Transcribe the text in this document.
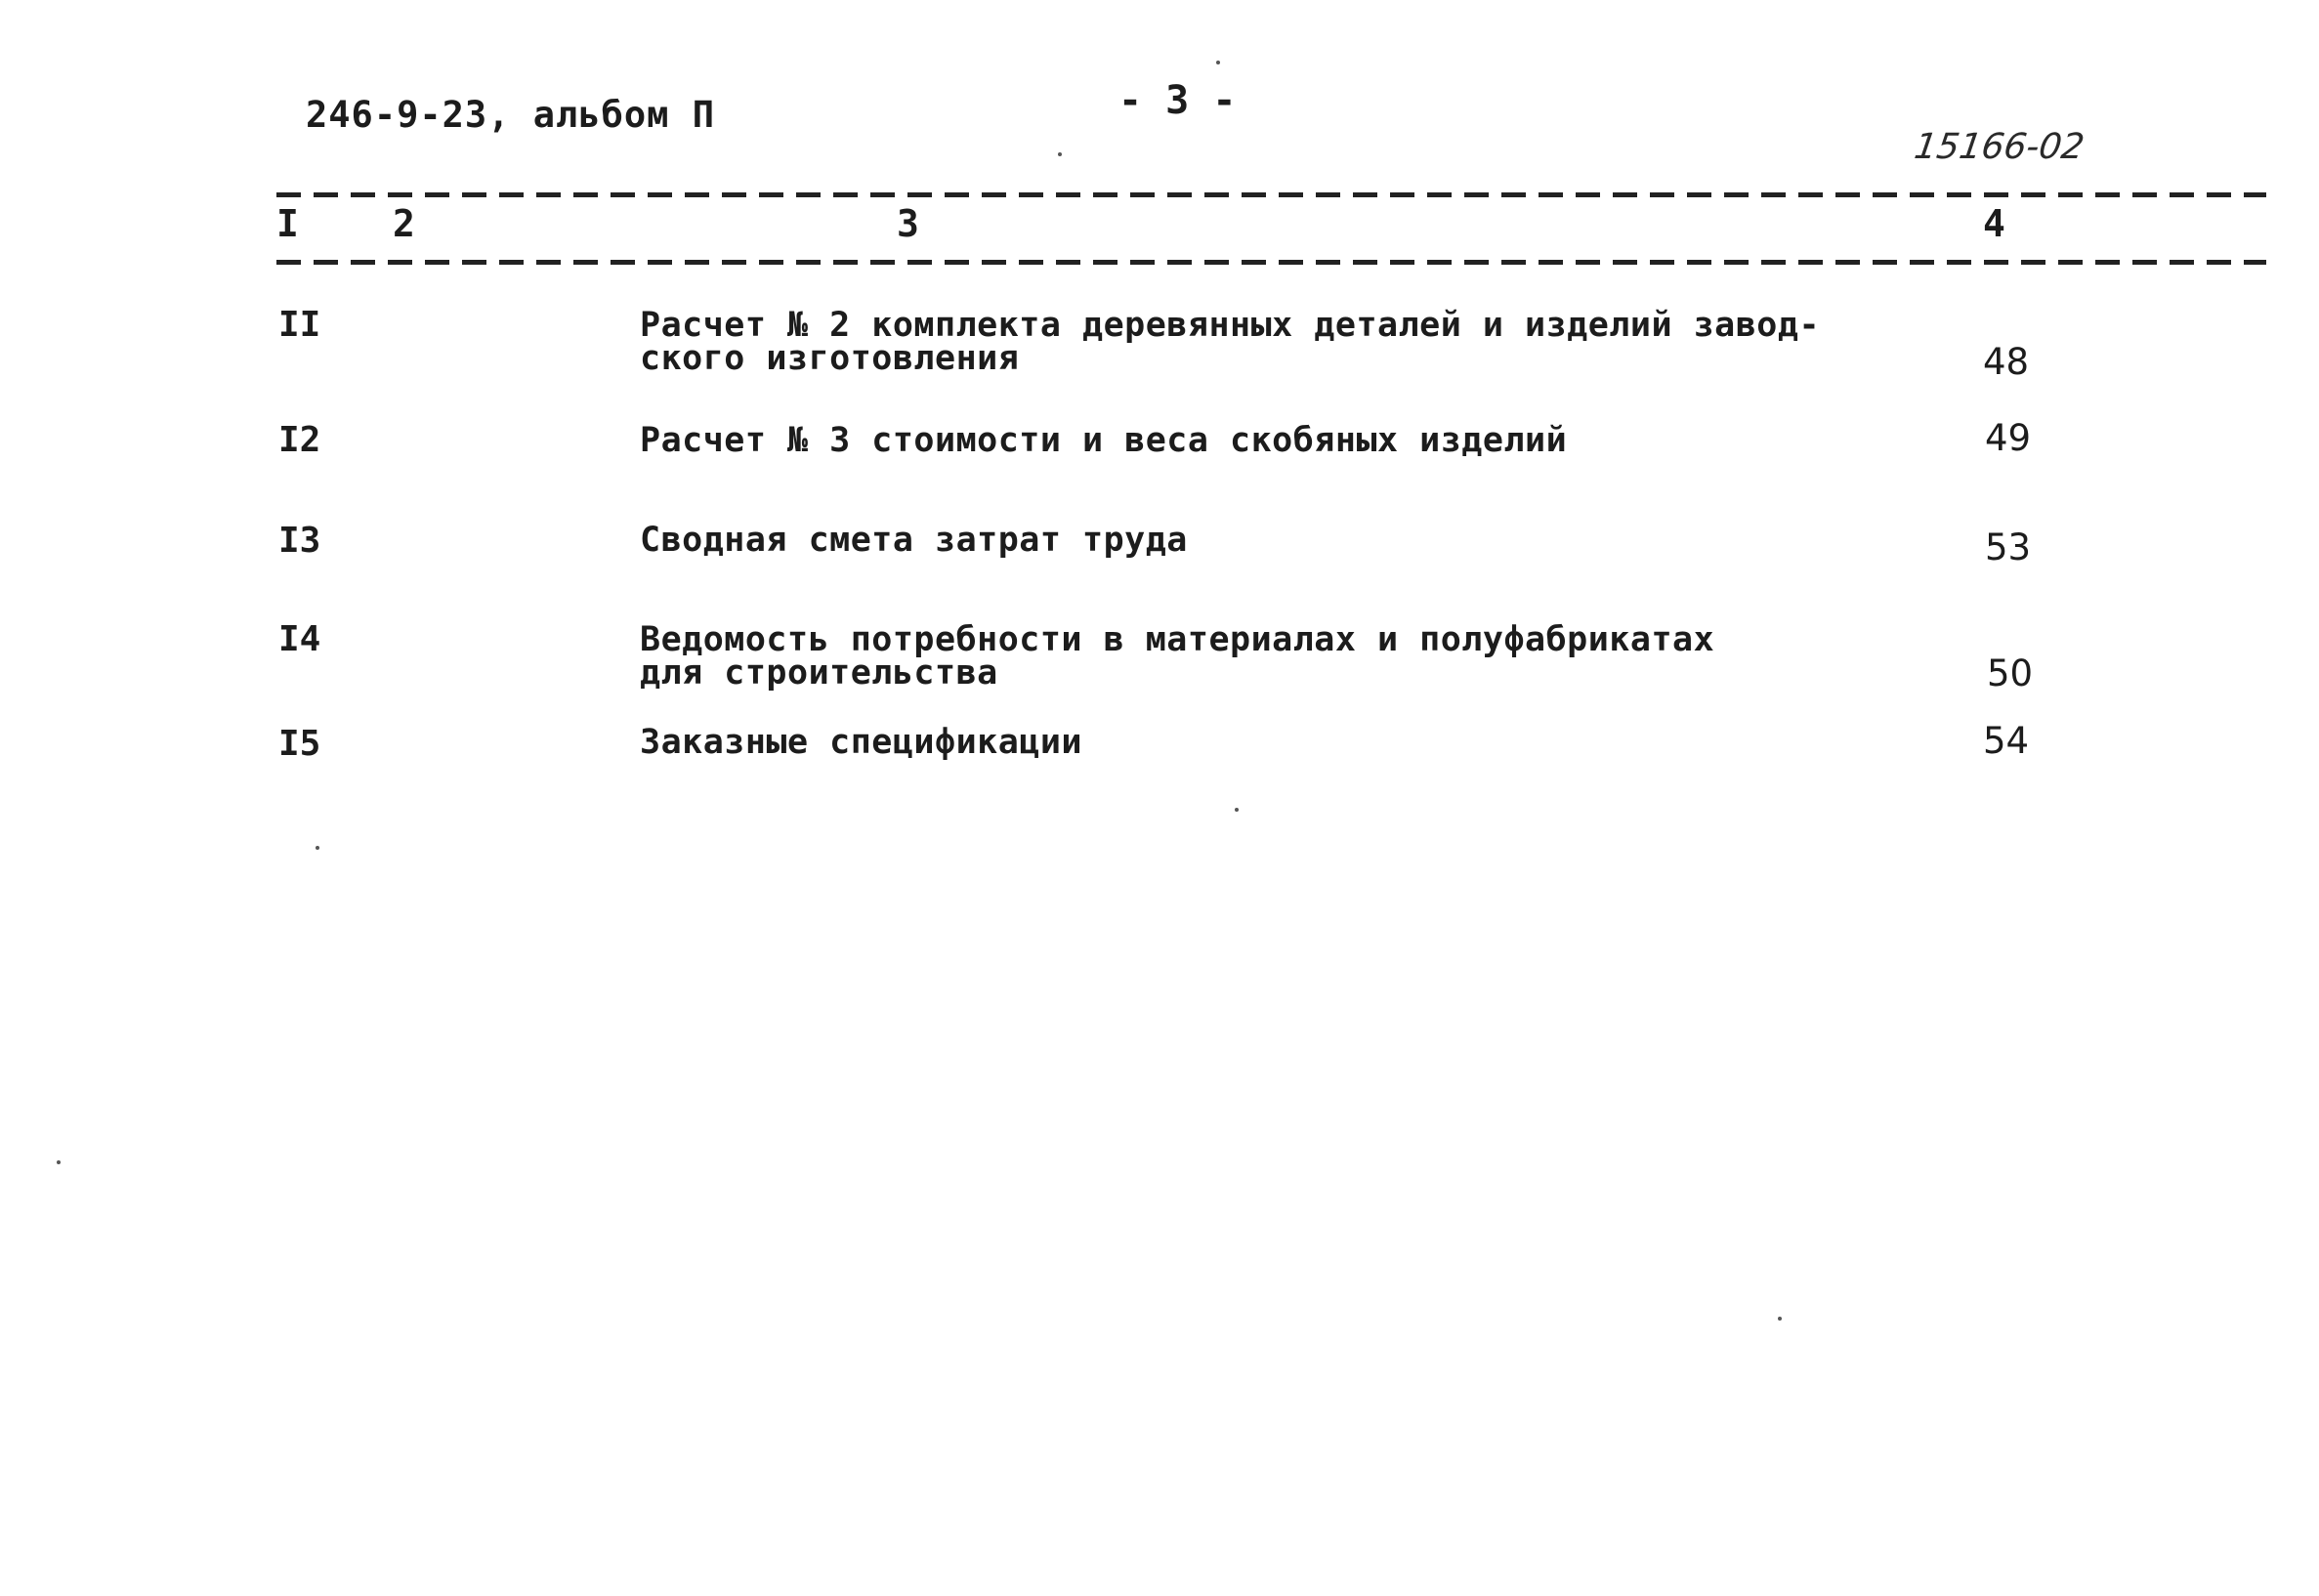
246-9-23, альбом П	- 3 -
15166-02
I	2	3	4
II	Расчет № 2 комплекта деревянных деталей и изделий завод-
ского изготовления	48
I2	Расчет № 3 стоимости и веса скобяных изделий	49
I3	Сводная смета затрат труда	53
I4	Ведомость потребности в материалах и полуфабрикатах
для строительства	50
I5	Заказные спецификации	54
